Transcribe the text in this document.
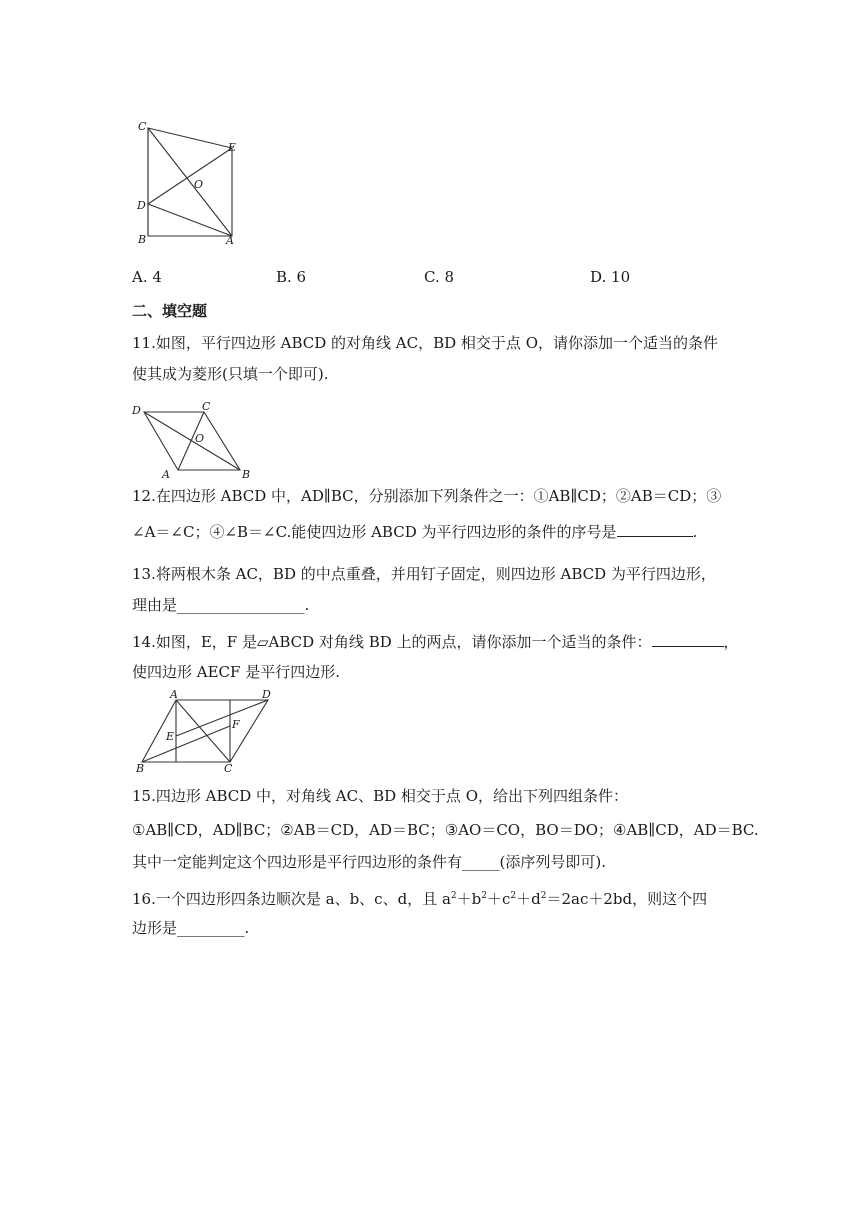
C
E
O
D
B	A
A. 4	B. 6	C. 8	D. 10
二、填空题
11.如图，平行四边形 ABCD 的对角线 AC，BD 相交于点 O，请你添加一个适当的条件
使其成为菱形(只填一个即可).
D	C
O
A	B
12.在四边形 ABCD 中，AD∥BC，分别添加下列条件之一：①AB∥CD；②AB＝CD；③
∠A＝∠C；④∠B＝∠C.能使四边形 ABCD 为平行四边形的条件的序号是	.
13.将两根木条 AC，BD 的中点重叠，并用钉子固定，则四边形 ABCD 为平行四边形，
理由是_________________.
14.如图，E，F 是▱ABCD 对角线 BD 上的两点，请你添加一个适当的条件：	，
使四边形 AECF 是平行四边形.
A	D
E
F
B	C
15.四边形 ABCD 中，对角线 AC、BD 相交于点 O，给出下列四组条件：
①AB∥CD，AD∥BC；②AB＝CD，AD＝BC；③AO＝CO，BO＝DO；④AB∥CD，AD＝BC.
其中一定能判定这个四边形是平行四边形的条件有_____(添序列号即可).
16.一个四边形四条边顺次是 a、b、c、d，且 $a^2+b^2+c^2+d^2=2ac+2bd$，则这个四
边形是_________.
